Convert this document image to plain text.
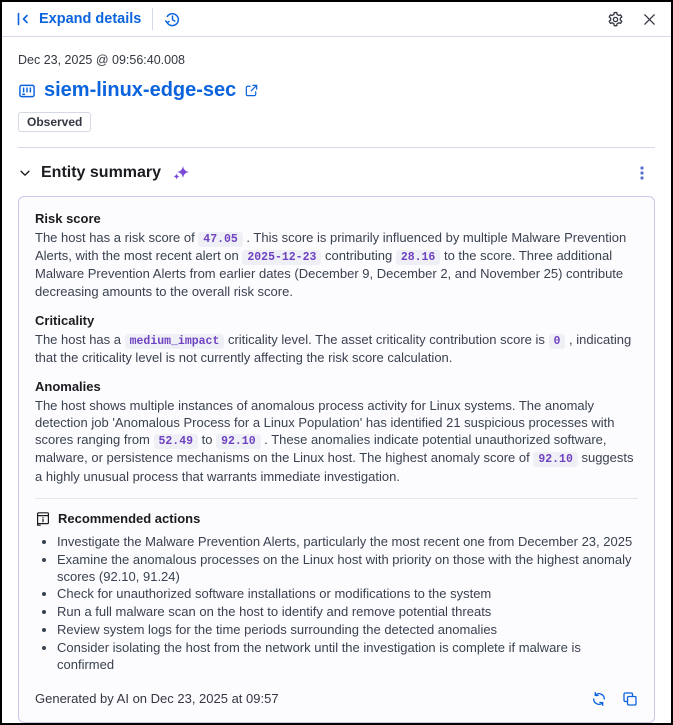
Expand details
Dec 23, 2025 @ 09:56:40.008
siem-linux-edge-sec
Observed
Entity summary
Risk score

The host has a risk score of 47.05 . This score is primarily influenced by multiple Malware Prevention Alerts, with the most recent alert on 2025-12-23 contributing 28.16 to the score. Three additional Malware Prevention Alerts from earlier dates (December 9, December 2, and November 25) contribute decreasing amounts to the overall risk score.

Criticality

The host has a medium_impact criticality level. The asset criticality contribution score is 0 , indicating that the criticality level is not currently affecting the risk score calculation.

Anomalies

The host shows multiple instances of anomalous process activity for Linux systems. The anomaly detection job 'Anomalous Process for a Linux Population' has identified 21 suspicious processes with scores ranging from 52.49 to 92.10 . These anomalies indicate potential unauthorized software, malware, or persistence mechanisms on the Linux host. The highest anomaly score of 92.10 suggests a highly unusual process that warrants immediate investigation.

Recommended actions
• Investigate the Malware Prevention Alerts, particularly the most recent one from December 23, 2025
• Examine the anomalous processes on the Linux host with priority on those with the highest anomaly scores (92.10, 91.24)
• Check for unauthorized software installations or modifications to the system
• Run a full malware scan on the host to identify and remove potential threats
• Review system logs for the time periods surrounding the detected anomalies
• Consider isolating the host from the network until the investigation is complete if malware is confirmed
Generated by AI on Dec 23, 2025 at 09:57
